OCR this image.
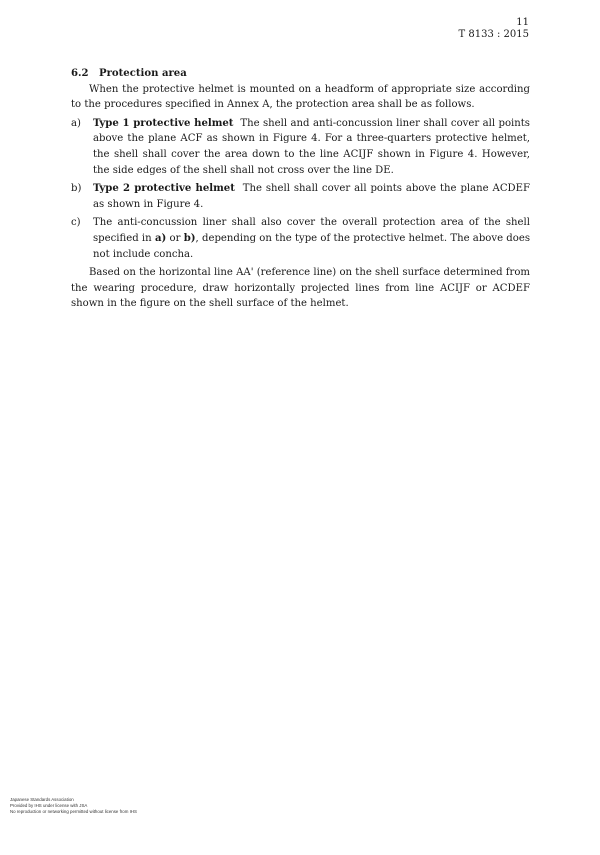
11
T 8133 : 2015
6.2 Protection area

When the protective helmet is mounted on a headform of appropriate size according to the procedures specified in Annex A, the protection area shall be as follows.

a) Type 1 protective helmet The shell and anti-concussion liner shall cover all points above the plane ACF as shown in Figure 4. For a three-quarters protective helmet, the shell shall cover the area down to the line ACIJF shown in Figure 4. However, the side edges of the shell shall not cross over the line DE.
b) Type 2 protective helmet The shell shall cover all points above the plane ACDEF as shown in Figure 4.
c) The anti-concussion liner shall also cover the overall protection area of the shell specified in a) or b), depending on the type of the protective helmet. The above does not include concha.

Based on the horizontal line AA' (reference line) on the shell surface determined from the wearing procedure, draw horizontally projected lines from line ACIJF or ACDEF shown in the figure on the shell surface of the helmet.

Japanese Standards Association
Provided by IHS under license with JSA
No reproduction or networking permitted without license from IHS
